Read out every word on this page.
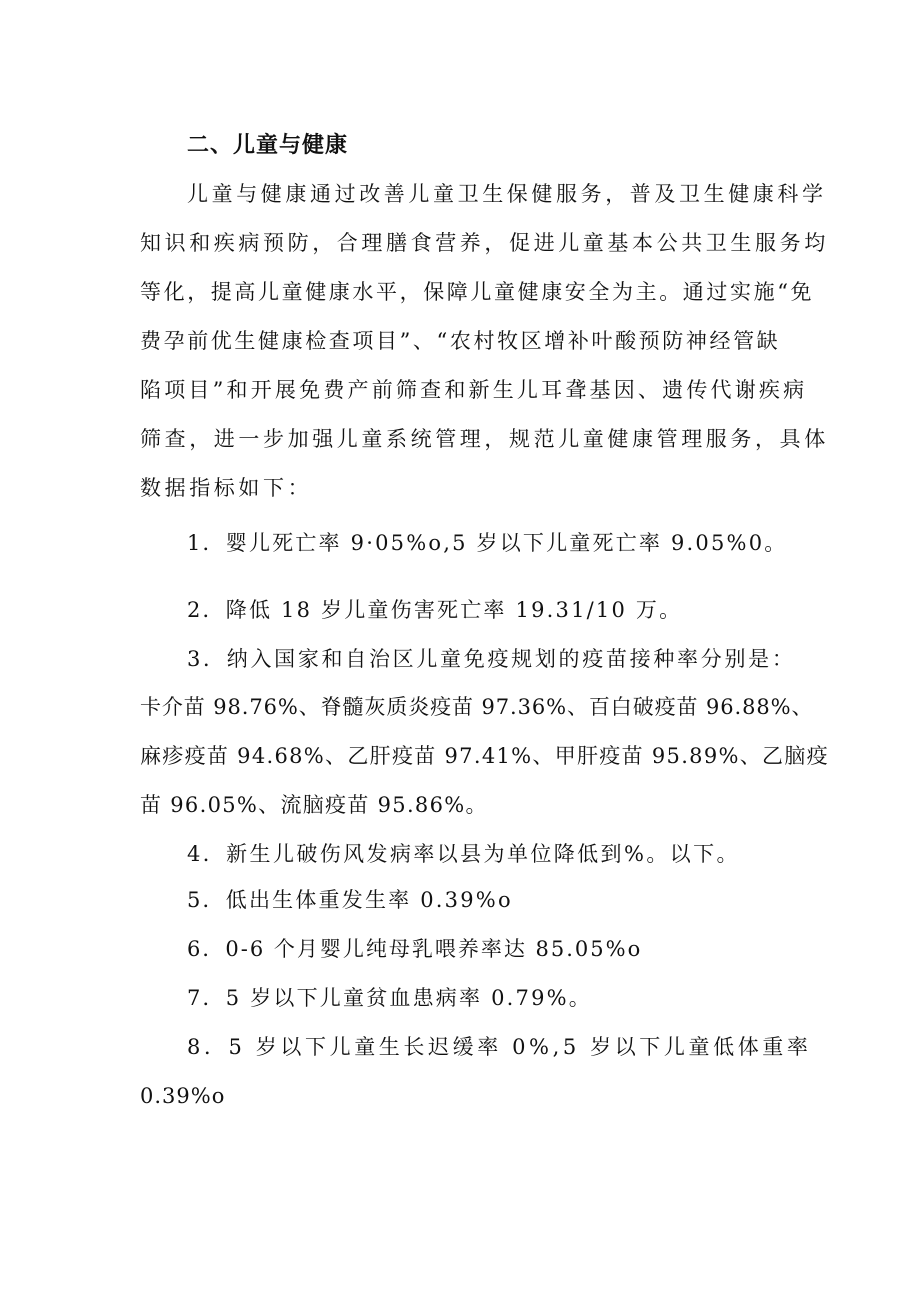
二、儿童与健康
儿童与健康通过改善儿童卫生保健服务，普及卫生健康科学
知识和疾病预防，合理膳食营养，促进儿童基本公共卫生服务均
等化，提高儿童健康水平，保障儿童健康安全为主。通过实施“免
费孕前优生健康检查项目”、“农村牧区增补叶酸预防神经管缺
陷项目”和开展免费产前筛查和新生儿耳聋基因、遗传代谢疾病
筛查，进一步加强儿童系统管理，规范儿童健康管理服务，具体
数据指标如下：
1．婴儿死亡率 9·05%o,5 岁以下儿童死亡率 9.05%0。
2．降低 18 岁儿童伤害死亡率 19.31/10 万。
3．纳入国家和自治区儿童免疫规划的疫苗接种率分别是：
卡介苗 98.76%、脊髓灰质炎疫苗 97.36%、百白破疫苗 96.88%、
麻疹疫苗 94.68%、乙肝疫苗 97.41%、甲肝疫苗 95.89%、乙脑疫
苗 96.05%、流脑疫苗 95.86%。
4．新生儿破伤风发病率以县为单位降低到%。以下。
5．低出生体重发生率 0.39%o
6．0-6 个月婴儿纯母乳喂养率达 85.05%o
7．5 岁以下儿童贫血患病率 0.79%。
8．5 岁以下儿童生长迟缓率 0%,5 岁以下儿童低体重率
0.39%o
